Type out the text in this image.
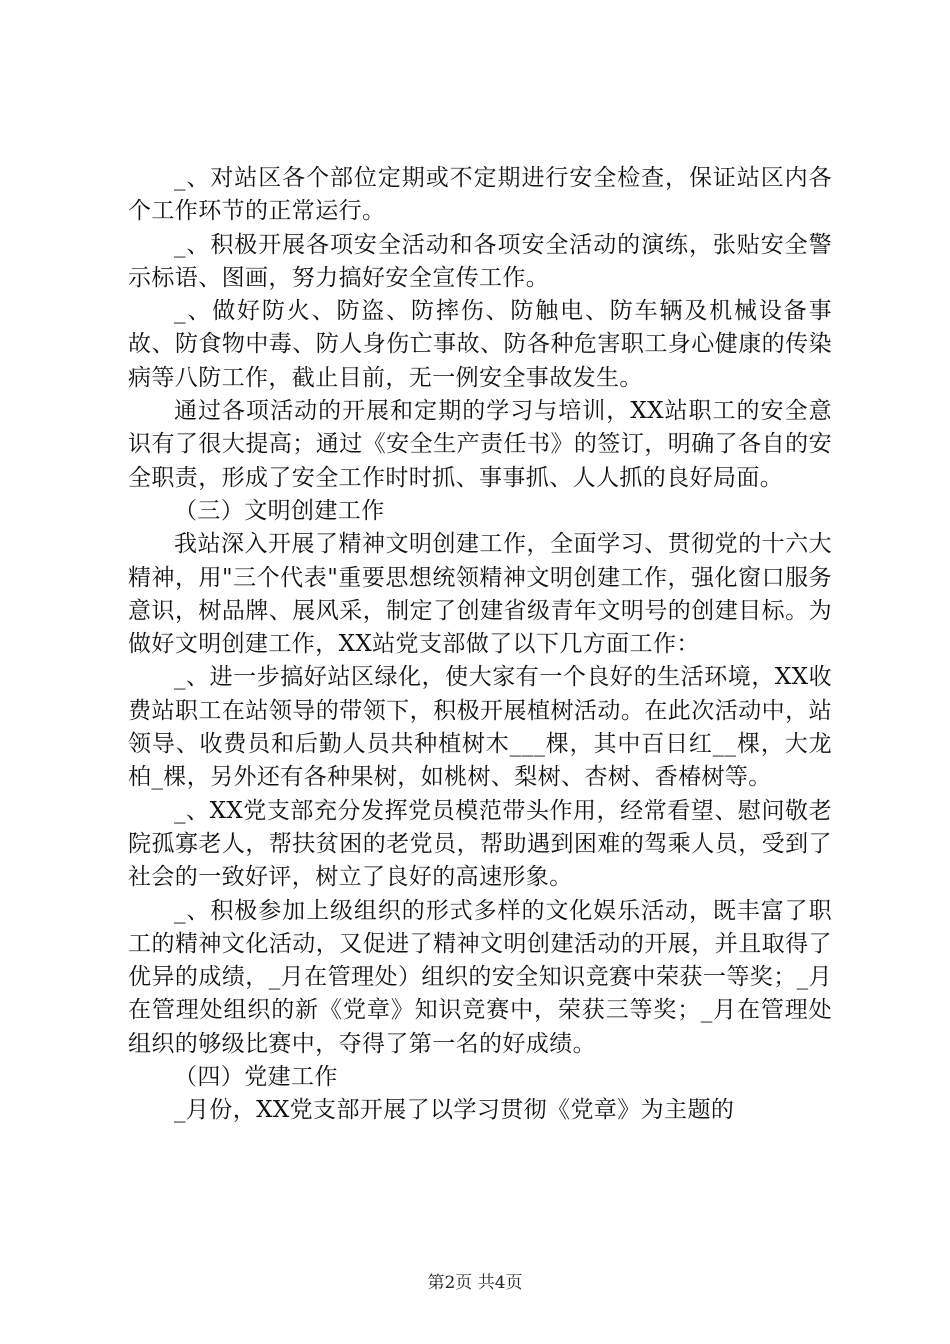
_、对站区各个部位定期或不定期进行安全检查，保证站区内各个工作环节的正常运行。

_、积极开展各项安全活动和各项安全活动的演练，张贴安全警示标语、图画，努力搞好安全宣传工作。

_、做好防火、防盗、防摔伤、防触电、防车辆及机械设备事故、防食物中毒、防人身伤亡事故、防各种危害职工身心健康的传染病等八防工作，截止目前，无一例安全事故发生。

通过各项活动的开展和定期的学习与培训，XX站职工的安全意识有了很大提高；通过《安全生产责任书》的签订，明确了各自的安全职责，形成了安全工作时时抓、事事抓、人人抓的良好局面。

（三）文明创建工作

我站深入开展了精神文明创建工作，全面学习、贯彻党的十六大精神，用"三个代表"重要思想统领精神文明创建工作，强化窗口服务意识，树品牌、展风采，制定了创建省级青年文明号的创建目标。为做好文明创建工作，XX站党支部做了以下几方面工作：

_、进一步搞好站区绿化，使大家有一个良好的生活环境，XX收费站职工在站领导的带领下，积极开展植树活动。在此次活动中，站领导、收费员和后勤人员共种植树木___棵，其中百日红__棵，大龙柏_棵，另外还有各种果树，如桃树、梨树、杏树、香椿树等。

_、XX党支部充分发挥党员模范带头作用，经常看望、慰问敬老院孤寡老人，帮扶贫困的老党员，帮助遇到困难的驾乘人员，受到了社会的一致好评，树立了良好的高速形象。

_、积极参加上级组织的形式多样的文化娱乐活动，既丰富了职工的精神文化活动，又促进了精神文明创建活动的开展，并且取得了优异的成绩，_月在管理处）组织的安全知识竞赛中荣获一等奖；_月在管理处组织的新《党章》知识竞赛中，荣获三等奖；_月在管理处组织的够级比赛中，夺得了第一名的好成绩。

（四）党建工作

_月份，XX党支部开展了以学习贯彻《党章》为主题的

第2页 共4页
